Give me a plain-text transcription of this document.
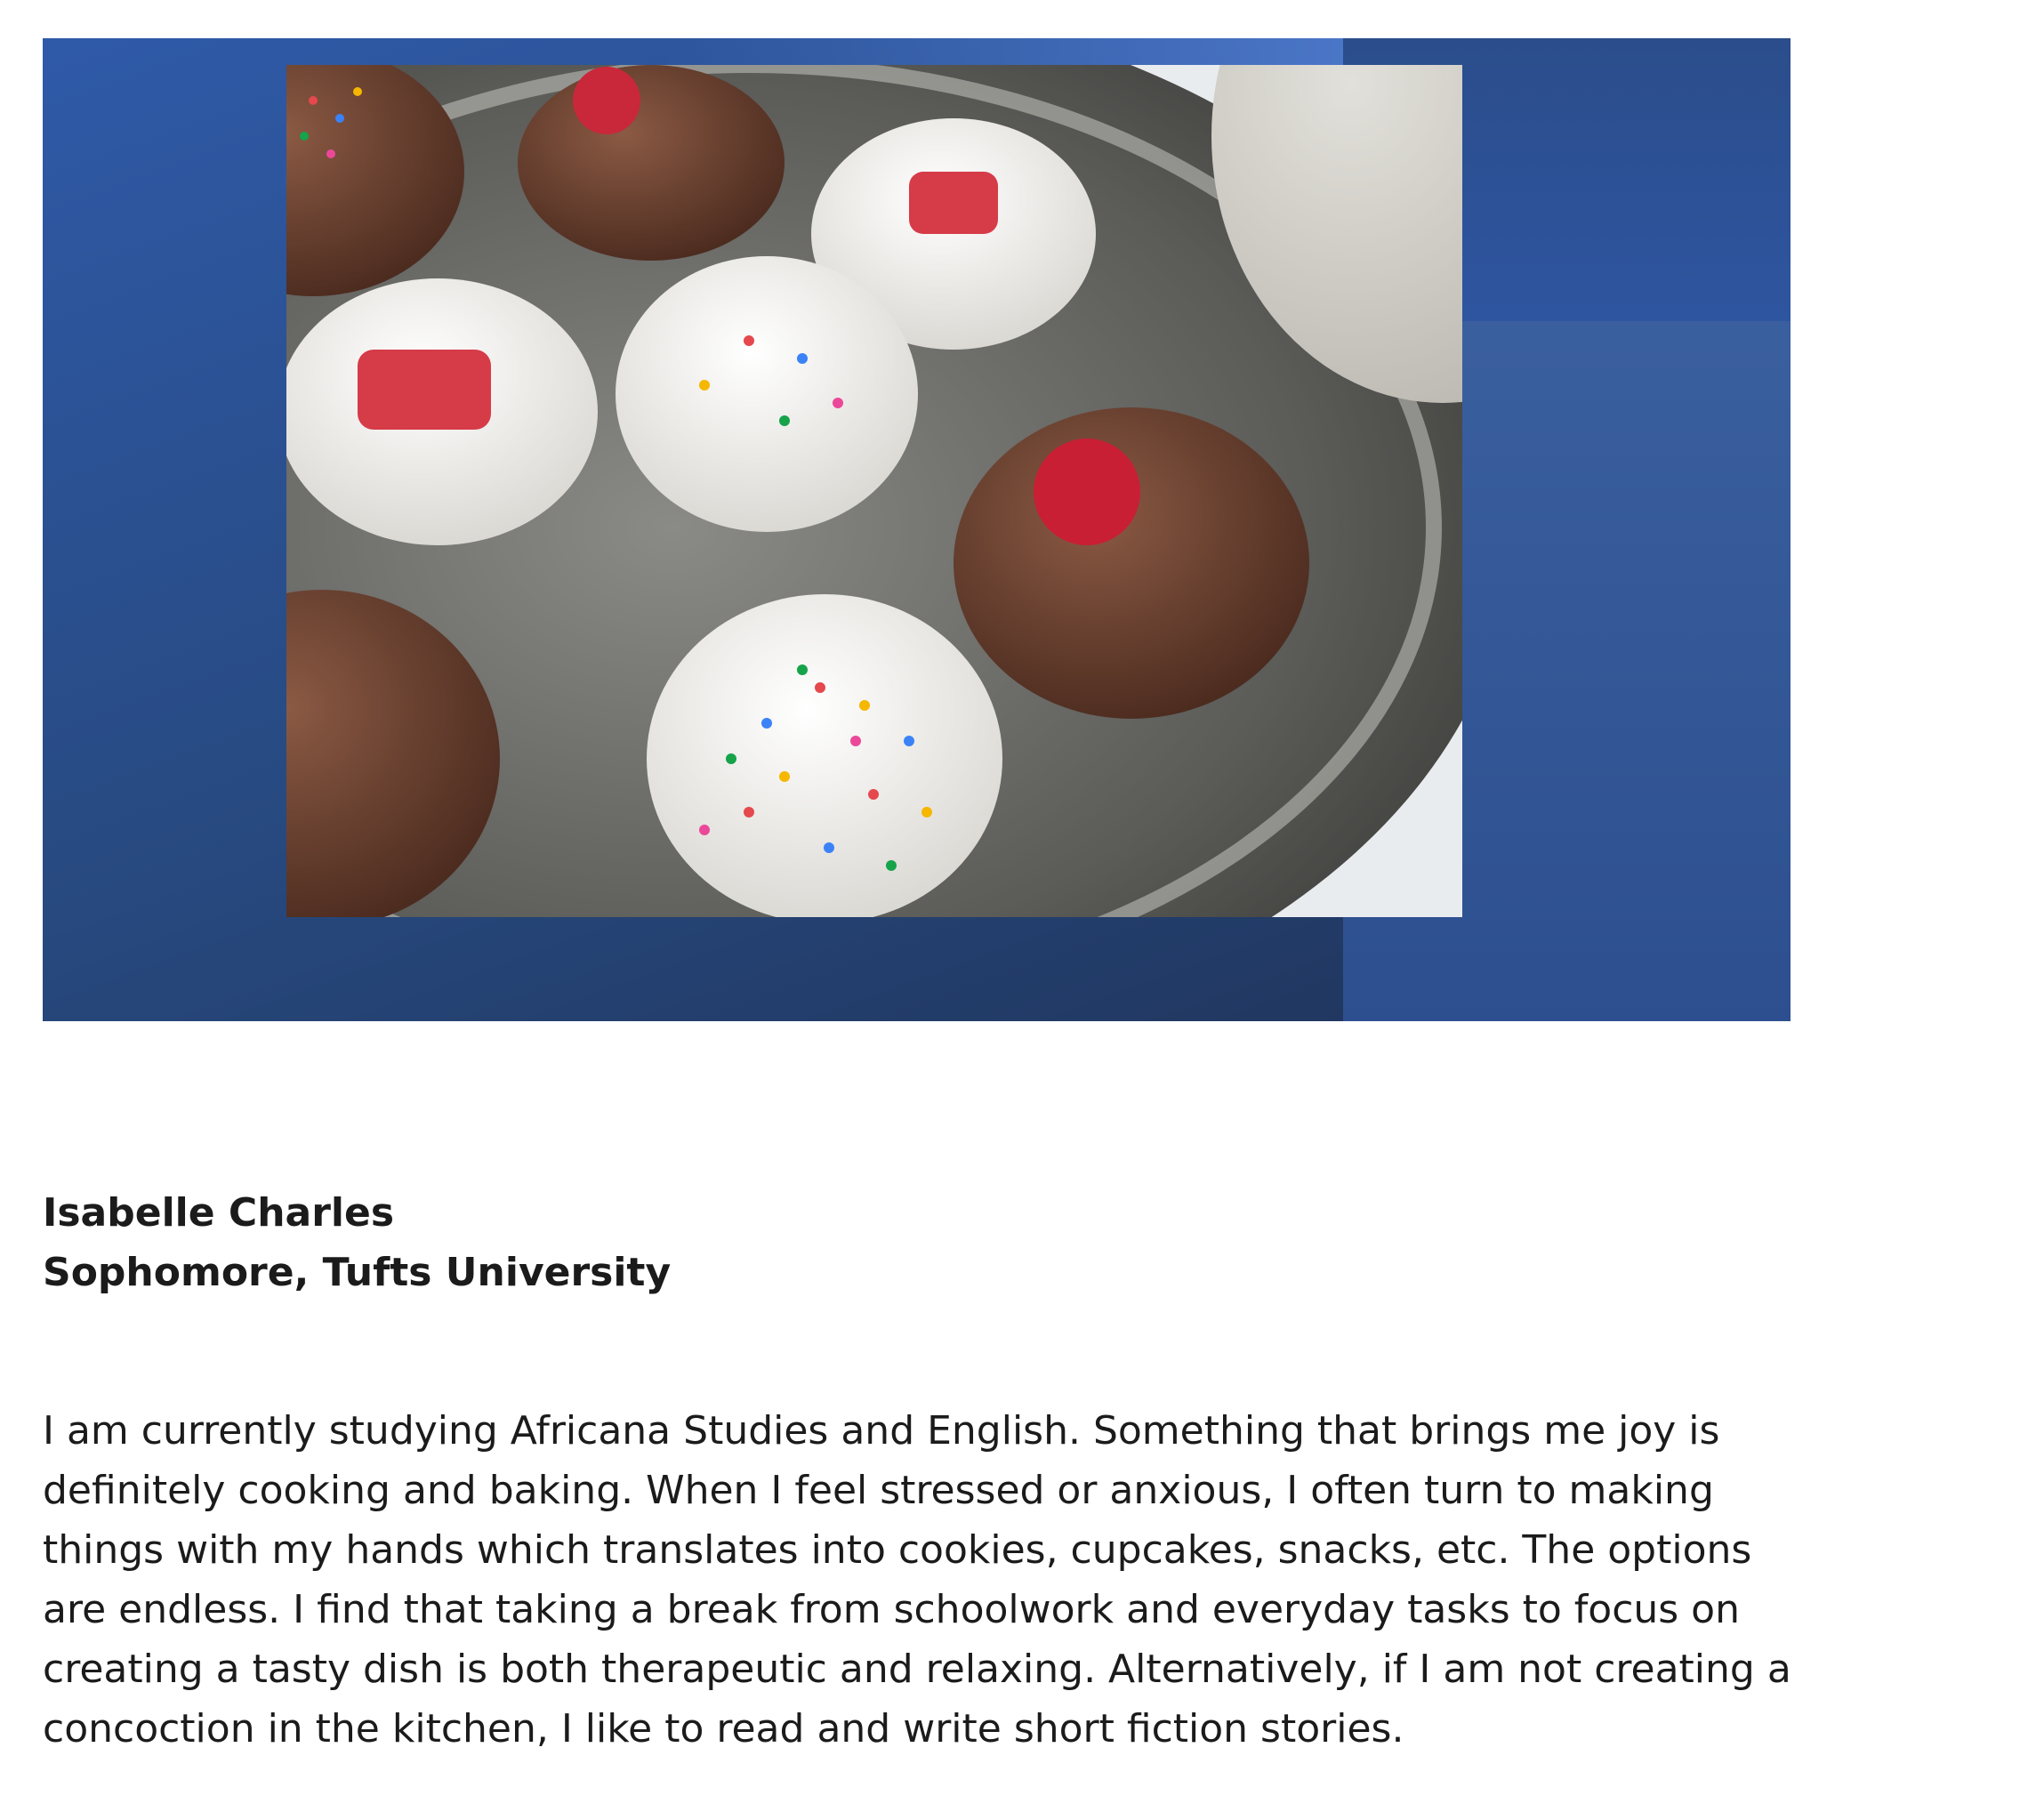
Isabelle Charles
Sophomore, Tufts University
I am currently studying Africana Studies and English. Something that brings me joy is definitely cooking and baking. When I feel stressed or anxious, I often turn to making things with my hands which translates into cookies, cupcakes, snacks, etc. The options are endless. I find that taking a break from schoolwork and everyday tasks to focus on creating a tasty dish is both therapeutic and relaxing. Alternatively, if I am not creating a concoction in the kitchen, I like to read and write short fiction stories.
